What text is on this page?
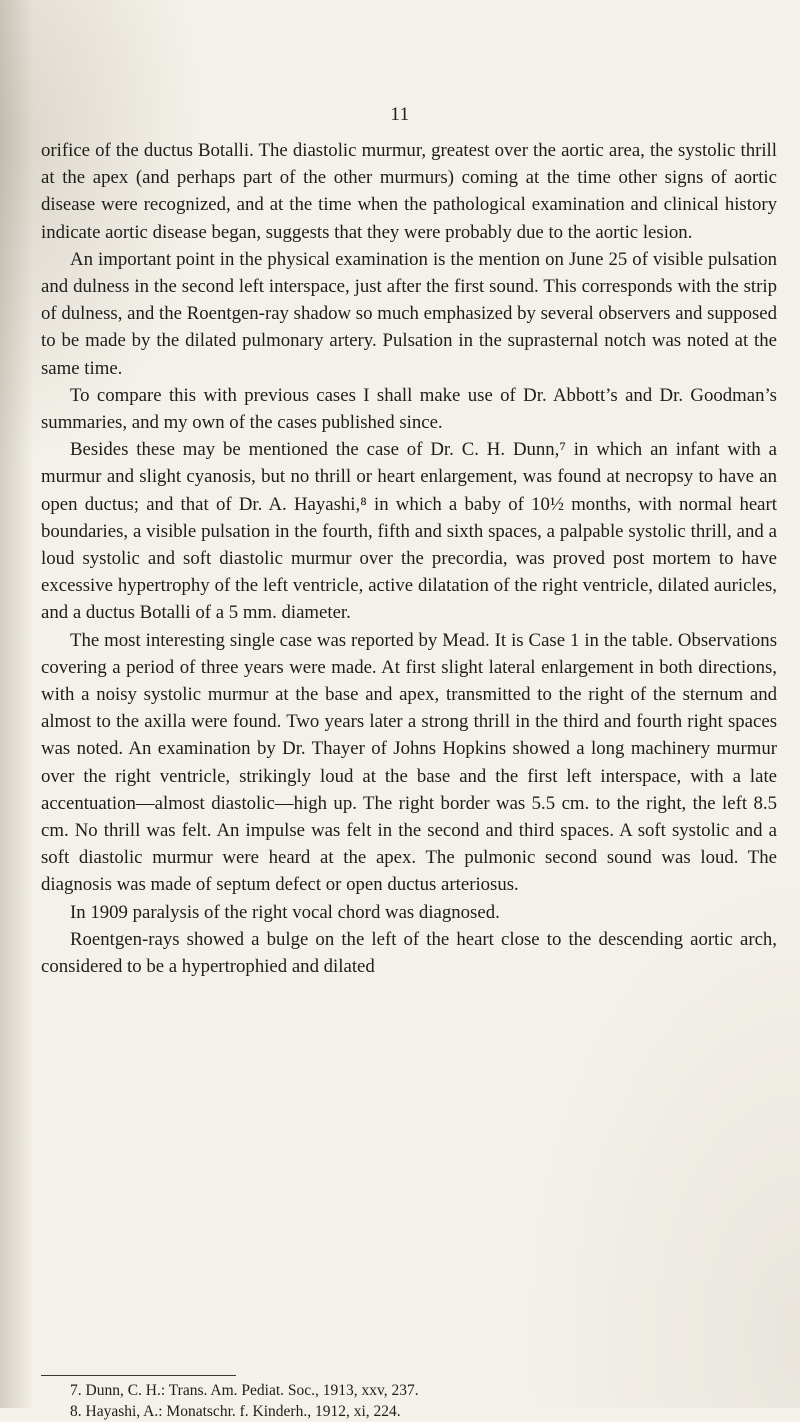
11

orifice of the ductus Botalli. The diastolic murmur, greatest over the aortic area, the systolic thrill at the apex (and perhaps part of the other murmurs) coming at the time other signs of aortic disease were recognized, and at the time when the pathological examination and clinical history indicate aortic disease began, suggests that they were probably due to the aortic lesion.

An important point in the physical examination is the mention on June 25 of visible pulsation and dulness in the second left interspace, just after the first sound. This corresponds with the strip of dulness, and the Roentgen-ray shadow so much emphasized by several observers and supposed to be made by the dilated pulmonary artery. Pulsation in the suprasternal notch was noted at the same time.

To compare this with previous cases I shall make use of Dr. Abbott’s and Dr. Goodman’s summaries, and my own of the cases published since.

Besides these may be mentioned the case of Dr. C. H. Dunn,⁷ in which an infant with a murmur and slight cyanosis, but no thrill or heart enlargement, was found at necropsy to have an open ductus; and that of Dr. A. Hayashi,⁸ in which a baby of 10½ months, with normal heart boundaries, a visible pulsation in the fourth, fifth and sixth spaces, a palpable systolic thrill, and a loud systolic and soft diastolic murmur over the precordia, was proved post mortem to have excessive hypertrophy of the left ventricle, active dilatation of the right ventricle, dilated auricles, and a ductus Botalli of a 5 mm. diameter.

The most interesting single case was reported by Mead. It is Case 1 in the table. Observations covering a period of three years were made. At first slight lateral enlargement in both directions, with a noisy systolic murmur at the base and apex, transmitted to the right of the sternum and almost to the axilla were found. Two years later a strong thrill in the third and fourth right spaces was noted. An examination by Dr. Thayer of Johns Hopkins showed a long machinery murmur over the right ventricle, strikingly loud at the base and the first left interspace, with a late accentuation—almost diastolic—high up. The right border was 5.5 cm. to the right, the left 8.5 cm. No thrill was felt. An impulse was felt in the second and third spaces. A soft systolic and a soft diastolic murmur were heard at the apex. The pulmonic second sound was loud. The diagnosis was made of septum defect or open ductus arteriosus.

In 1909 paralysis of the right vocal chord was diagnosed.

Roentgen-rays showed a bulge on the left of the heart close to the descending aortic arch, considered to be a hypertrophied and dilated

7. Dunn, C. H.: Trans. Am. Pediat. Soc., 1913, xxv, 237.

8. Hayashi, A.: Monatschr. f. Kinderh., 1912, xi, 224.
